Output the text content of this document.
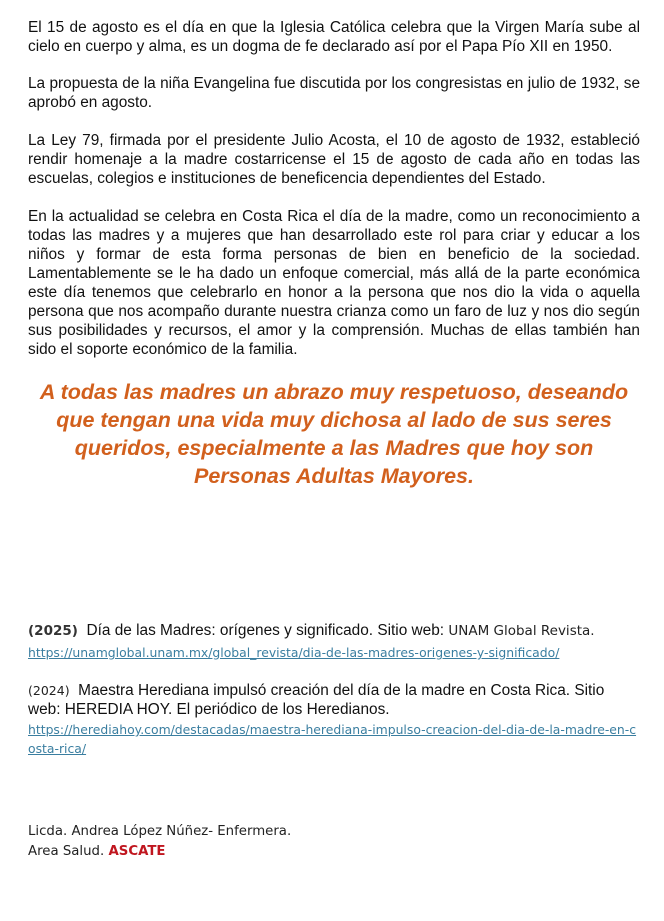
El 15 de agosto es el día en que la Iglesia Católica celebra que la Virgen María sube al cielo en cuerpo y alma, es un dogma de fe declarado así por el Papa Pío XII en 1950.

La propuesta de la niña Evangelina fue discutida por los congresistas en julio de 1932, se aprobó en agosto.

La Ley 79, firmada por el presidente Julio Acosta, el 10 de agosto de 1932, estableció rendir homenaje a la madre costarricense el 15 de agosto de cada año en todas las escuelas, colegios e instituciones de beneficencia dependientes del Estado.

En la actualidad se celebra en Costa Rica el día de la madre, como un reconocimiento a todas las madres y a mujeres que han desarrollado este rol para criar y educar a los niños y formar de esta forma personas de bien en beneficio de la sociedad. Lamentablemente se le ha dado un enfoque comercial, más allá de la parte económica este día tenemos que celebrarlo en honor a la persona que nos dio la vida o aquella persona que nos acompaño durante nuestra crianza como un faro de luz y nos dio según sus posibilidades y recursos, el amor y la comprensión. Muchas de ellas también han sido el soporte económico de la familia.

A todas las madres un abrazo muy respetuoso, deseando que tengan una vida muy dichosa al lado de sus seres queridos, especialmente a las Madres que hoy son Personas Adultas Mayores.

(2025) Día de las Madres: orígenes y significado. Sitio web: UNAM Global Revista.
https://unamglobal.unam.mx/global_revista/dia-de-las-madres-origenes-y-significado/
(2024) Maestra Herediana impulsó creación del día de la madre en Costa Rica. Sitio web: HEREDIA HOY. El periódico de los Heredianos.
https://herediahoy.com/destacadas/maestra-herediana-impulso-creacion-del-dia-de-la-madre-en-costa-rica/
Licda. Andrea López Núñez- Enfermera.
Area Salud. ASCATE
